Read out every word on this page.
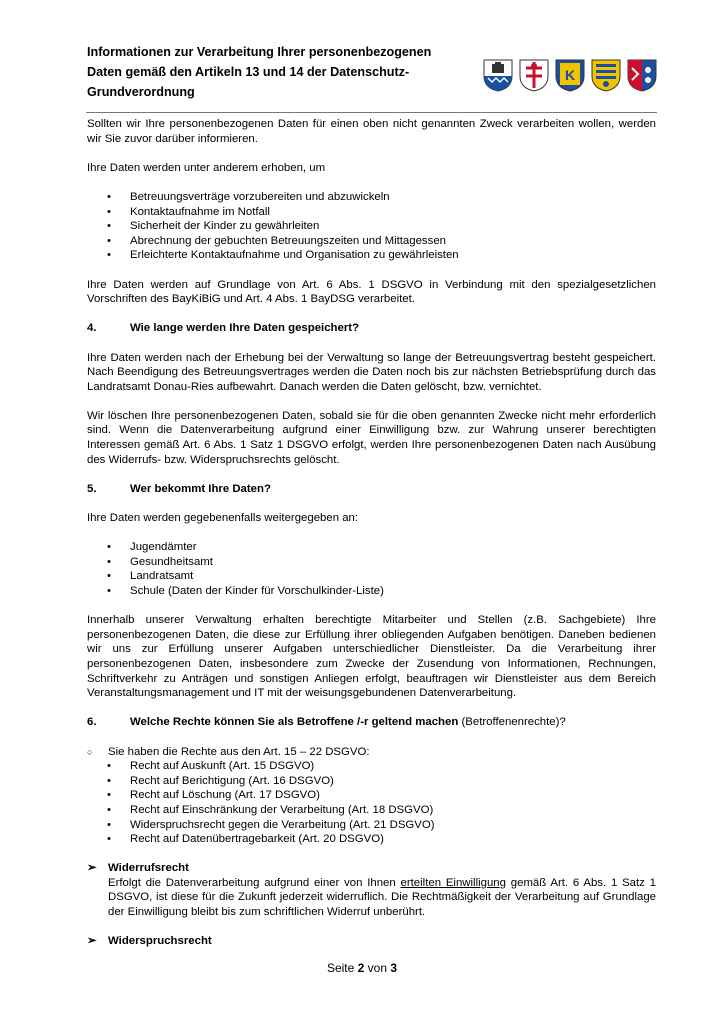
Informationen zur Verarbeitung Ihrer personenbezogenen
Daten gemäß den Artikeln 13 und 14 der Datenschutz-
Grundverordnung
K

Sollten wir Ihre personenbezogenen Daten für einen oben nicht genannten Zweck verarbeiten wollen, werden wir Sie zuvor darüber informieren.

Ihre Daten werden unter anderem erhoben, um

• Betreuungsverträge vorzubereiten und abzuwickeln
• Kontaktaufnahme im Notfall
• Sicherheit der Kinder zu gewährleiten
• Abrechnung der gebuchten Betreuungszeiten und Mittagessen
• Erleichterte Kontaktaufnahme und Organisation zu gewährleisten

Ihre Daten werden auf Grundlage von Art. 6 Abs. 1 DSGVO in Verbindung mit den spezialgesetzlichen Vorschriften des BayKiBiG und Art. 4 Abs. 1 BayDSG verarbeitet.

4.	Wie lange werden Ihre Daten gespeichert?

Ihre Daten werden nach der Erhebung bei der Verwaltung so lange der Betreuungsvertrag besteht gespeichert. Nach Beendigung des Betreuungsvertrages werden die Daten noch bis zur nächsten Betriebsprüfung durch das Landratsamt Donau-Ries aufbewahrt. Danach werden die Daten gelöscht, bzw. vernichtet.

Wir löschen Ihre personenbezogenen Daten, sobald sie für die oben genannten Zwecke nicht mehr erforderlich sind. Wenn die Datenverarbeitung aufgrund einer Einwilligung bzw. zur Wahrung unserer berechtigten Interessen gemäß Art. 6 Abs. 1 Satz 1 DSGVO erfolgt, werden Ihre personenbezogenen Daten nach Ausübung des Widerrufs- bzw. Widerspruchsrechts gelöscht.

5.	Wer bekommt Ihre Daten?

Ihre Daten werden gegebenenfalls weitergegeben an:

• Jugendämter
• Gesundheitsamt
• Landratsamt
• Schule (Daten der Kinder für Vorschulkinder-Liste)

Innerhalb unserer Verwaltung erhalten berechtigte Mitarbeiter und Stellen (z.B. Sachgebiete) Ihre personenbezogenen Daten, die diese zur Erfüllung ihrer obliegenden Aufgaben benötigen. Daneben bedienen wir uns zur Erfüllung unserer Aufgaben unterschiedlicher Dienstleister. Da die Verarbeitung ihrer personenbezogenen Daten, insbesondere zum Zwecke der Zusendung von Informationen, Rechnungen, Schriftverkehr zu Anträgen und sonstigen Anliegen erfolgt, beauftragen wir Dienstleister aus dem Bereich Veranstaltungsmanagement und IT mit der weisungsgebundenen Datenverarbeitung.

6.	Welche Rechte können Sie als Betroffene /-r geltend machen (Betroffenenrechte)?
○ Sie haben die Rechte aus den Art. 15 – 22 DSGVO:
• Recht auf Auskunft (Art. 15 DSGVO)
• Recht auf Berichtigung (Art. 16 DSGVO)
• Recht auf Löschung (Art. 17 DSGVO)
• Recht auf Einschränkung der Verarbeitung (Art. 18 DSGVO)
• Widerspruchsrecht gegen die Verarbeitung (Art. 21 DSGVO)
• Recht auf Datenübertragebarkeit (Art. 20 DSGVO)
➢ Widerrufsrecht

Erfolgt die Datenverarbeitung aufgrund einer von Ihnen erteilten Einwilligung gemäß Art. 6 Abs. 1 Satz 1 DSGVO, ist diese für die Zukunft jederzeit widerruflich. Die Rechtmäßigkeit der Verarbeitung auf Grundlage der Einwilligung bleibt bis zum schriftlichen Widerruf unberührt.

➢ Widerspruchsrecht
Seite 2 von 3
